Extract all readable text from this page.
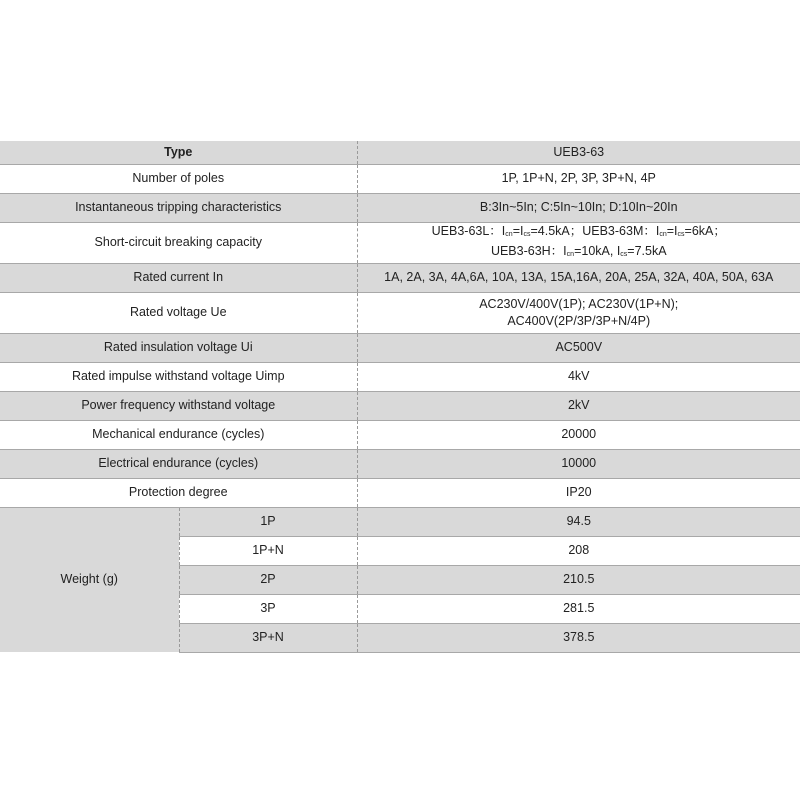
Type		UEB3-63
Number of poles		1P, 1P+N, 2P, 3P, 3P+N, 4P
Instantaneous tripping characteristics		B:3In~5In; C:5In~10In; D:10In~20In
Short-circuit breaking capacity		UEB3-63L：$I_{cn}=I_{cs}=4.5kA$；UEB3-63M：$I_{cn}=I_{cs}=6kA$；
UEB3-63H：$I_{cn}=10kA$, $I_{cs}=7.5kA$

Rated current In		1A, 2A, 3A, 4A,6A, 10A, 13A, 15A,16A, 20A, 25A, 32A, 40A, 50A, 63A
Rated voltage Ue		AC230V/400V(1P); AC230V(1P+N);
AC400V(2P/3P/3P+N/4P)

Rated insulation voltage Ui		AC500V
Rated impulse withstand voltage Uimp		4kV
Power frequency withstand voltage		2kV
Mechanical endurance (cycles)		20000
Electrical endurance (cycles)		10000
Protection degree		IP20
Weight (g)	1P	94.5
	1P+N	208
	2P	210.5
	3P	281.5
	3P+N	378.5
